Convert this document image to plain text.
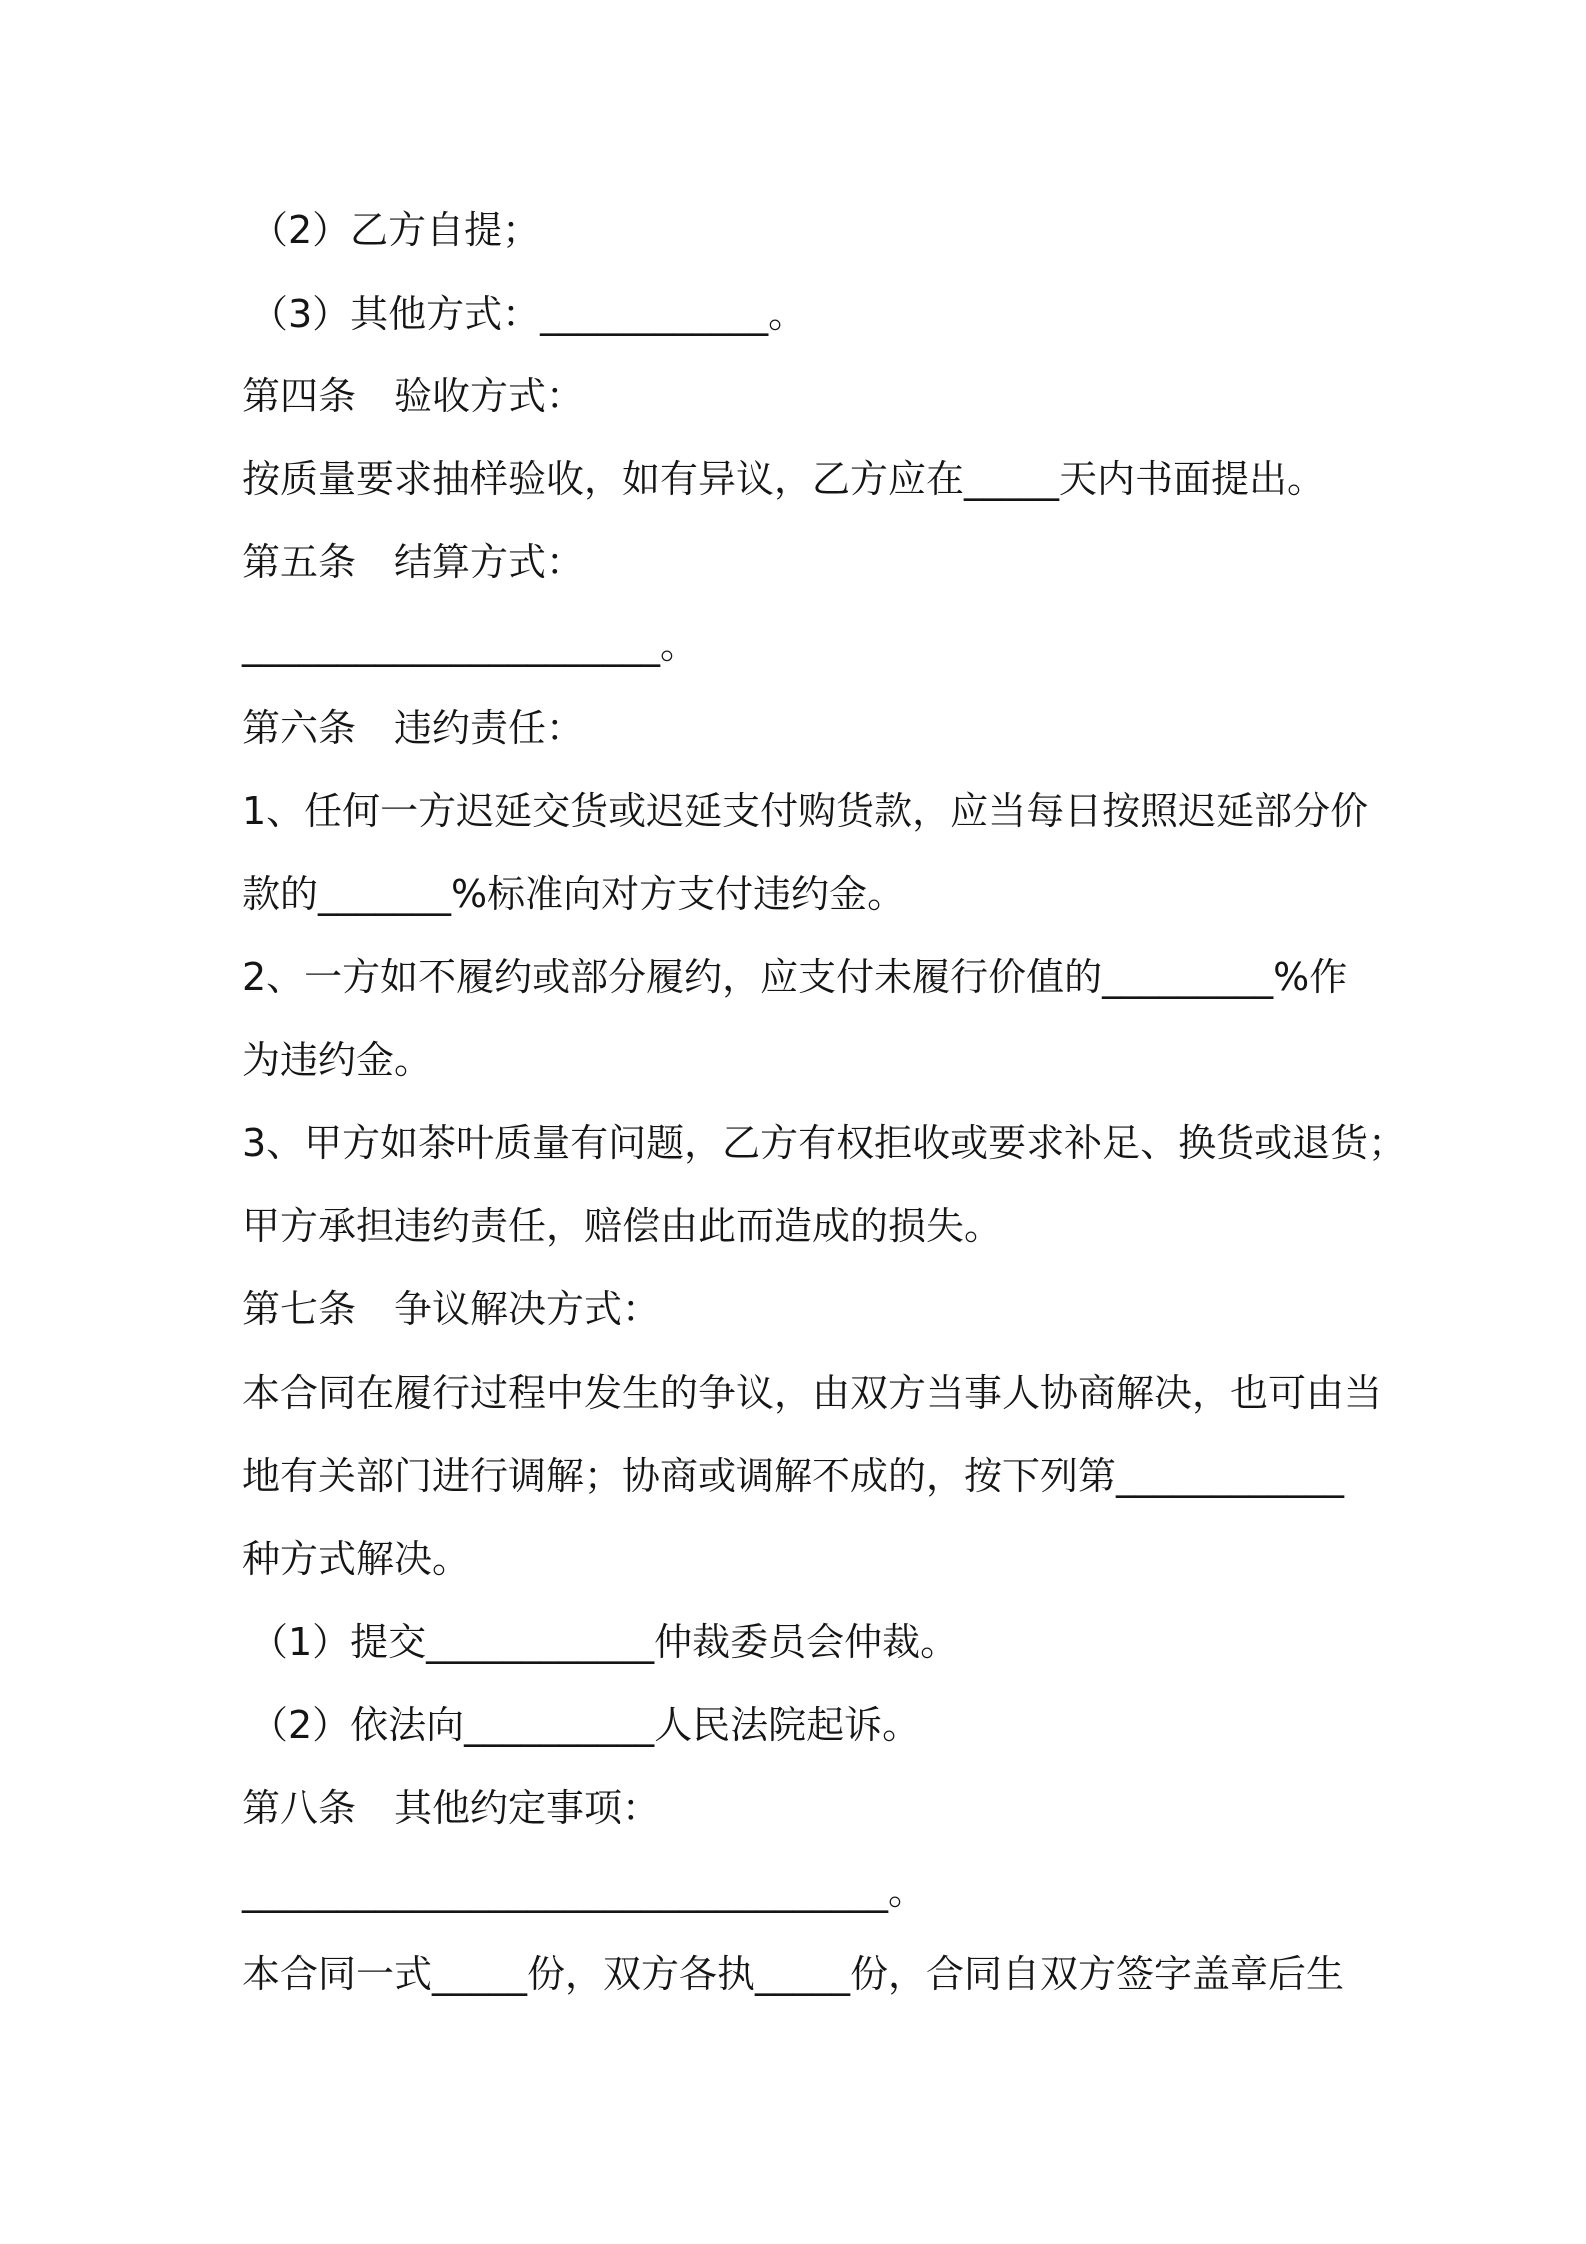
（2）乙方自提；
（3）其他方式：____________。
第四条　验收方式：
按质量要求抽样验收，如有异议，乙方应在_____天内书面提出。
第五条　结算方式：
______________________。
第六条　违约责任：
1、任何一方迟延交货或迟延支付购货款，应当每日按照迟延部分价
款的_______%标准向对方支付违约金。
2、一方如不履约或部分履约，应支付未履行价值的_________%作
为违约金。
3、甲方如茶叶质量有问题，乙方有权拒收或要求补足、换货或退货；
甲方承担违约责任，赔偿由此而造成的损失。
第七条　争议解决方式：
本合同在履行过程中发生的争议，由双方当事人协商解决，也可由当
地有关部门进行调解；协商或调解不成的，按下列第____________
种方式解决。
（1）提交____________仲裁委员会仲裁。
（2）依法向__________人民法院起诉。
第八条　其他约定事项：
__________________________________。
本合同一式_____份，双方各执_____份，合同自双方签字盖章后生
